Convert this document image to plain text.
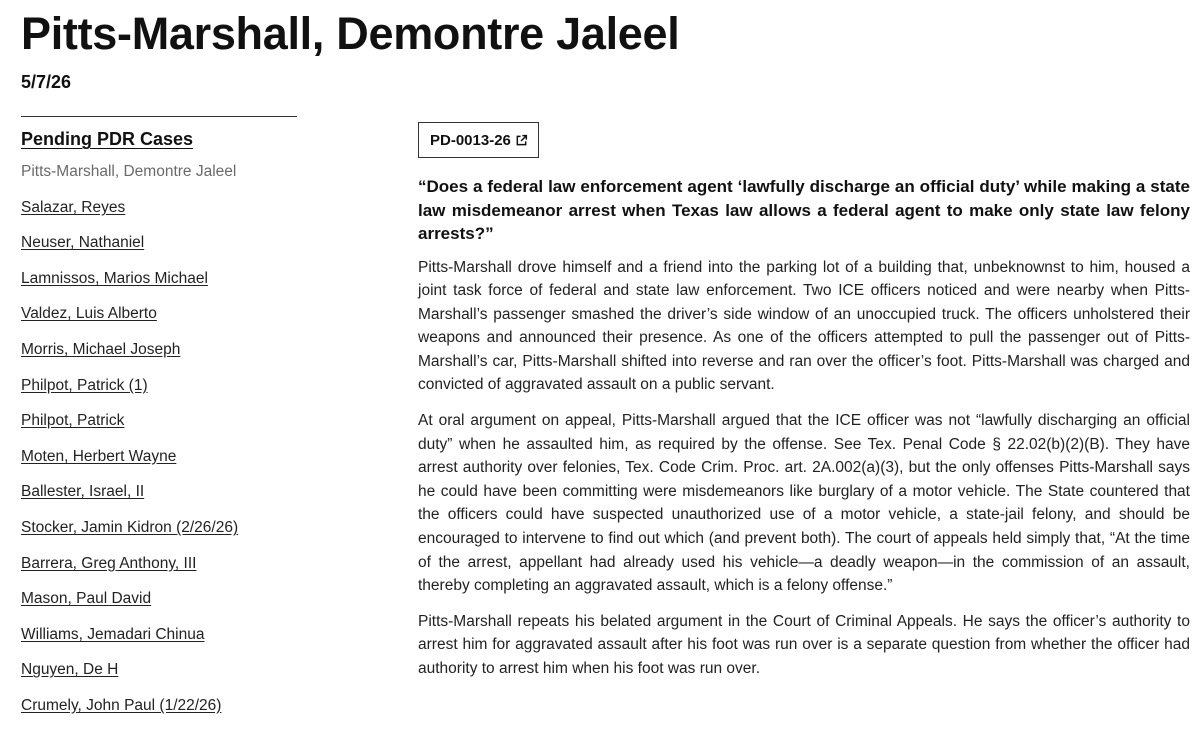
Pitts-Marshall, Demontre Jaleel
5/7/26
Pending PDR Cases
Pitts-Marshall, Demontre Jaleel
Salazar, Reyes
Neuser, Nathaniel
Lamnissos, Marios Michael
Valdez, Luis Alberto
Morris, Michael Joseph
Philpot, Patrick (1)
Philpot, Patrick
Moten, Herbert Wayne
Ballester, Israel, II
Stocker, Jamin Kidron (2/26/26)
Barrera, Greg Anthony, III
Mason, Paul David
Williams, Jemadari Chinua
Nguyen, De H
Crumely, John Paul (1/22/26)
PD-0013-26

“Does a federal law enforcement agent ‘lawfully discharge an official duty’ while making a state law misdemeanor arrest when Texas law allows a federal agent to make only state law felony arrests?”

Pitts-Marshall drove himself and a friend into the parking lot of a building that, unbeknownst to him, housed a joint task force of federal and state law enforcement. Two ICE officers noticed and were nearby when Pitts-Marshall’s passenger smashed the driver’s side window of an unoccupied truck. The officers unholstered their weapons and announced their presence. As one of the officers attempted to pull the passenger out of Pitts-Marshall’s car, Pitts-Marshall shifted into reverse and ran over the officer’s foot. Pitts-Marshall was charged and convicted of aggravated assault on a public servant.

At oral argument on appeal, Pitts-Marshall argued that the ICE officer was not “lawfully discharging an official duty” when he assaulted him, as required by the offense. See Tex. Penal Code § 22.02(b)(2)(B). They have arrest authority over felonies, Tex. Code Crim. Proc. art. 2A.002(a)(3), but the only offenses Pitts-Marshall says he could have been committing were misdemeanors like burglary of a motor vehicle. The State countered that the officers could have suspected unauthorized use of a motor vehicle, a state-jail felony, and should be encouraged to intervene to find out which (and prevent both). The court of appeals held simply that, “At the time of the arrest, appellant had already used his vehicle—a deadly weapon—in the commission of an assault, thereby completing an aggravated assault, which is a felony offense.”

Pitts-Marshall repeats his belated argument in the Court of Criminal Appeals. He says the officer’s authority to arrest him for aggravated assault after his foot was run over is a separate question from whether the officer had authority to arrest him when his foot was run over.
